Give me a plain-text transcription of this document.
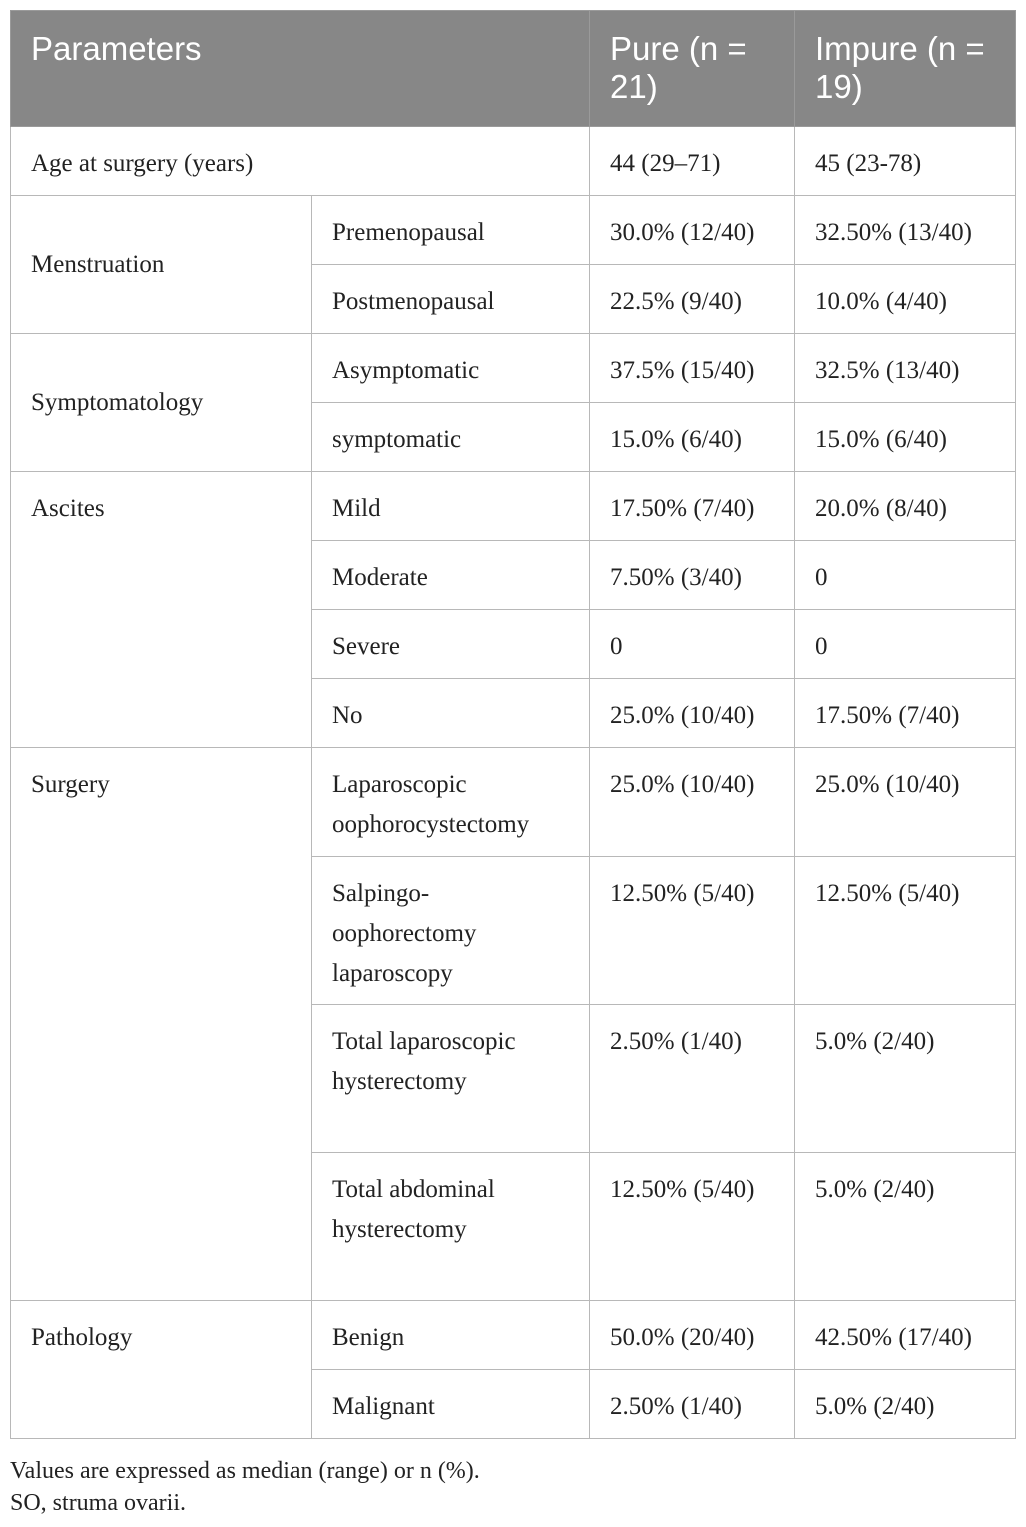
Parameters		Pure (n = 21)	Impure (n = 19)
Age at surgery (years)		44 (29–71)	45 (23-78)
Menstruation	Premenopausal	30.0% (12/40)	32.50% (13/40)
	Postmenopausal	22.5% (9/40)	10.0% (4/40)
Symptomatology	Asymptomatic	37.5% (15/40)	32.5% (13/40)
	symptomatic	15.0% (6/40)	15.0% (6/40)
Ascites	Mild	17.50% (7/40)	20.0% (8/40)
	Moderate	7.50% (3/40)	0
	Severe	0	0
	No	25.0% (10/40)	17.50% (7/40)
Surgery	Laparoscopic oophorocystectomy	25.0% (10/40)	25.0% (10/40)
	Salpingo-oophorectomy laparoscopy	12.50% (5/40)	12.50% (5/40)
	Total laparoscopic hysterectomy	2.50% (1/40)	5.0% (2/40)
	Total abdominal hysterectomy	12.50% (5/40)	5.0% (2/40)
Pathology	Benign	50.0% (20/40)	42.50% (17/40)
	Malignant	2.50% (1/40)	5.0% (2/40)
Values are expressed as median (range) or n (%).
SO, struma ovarii.
